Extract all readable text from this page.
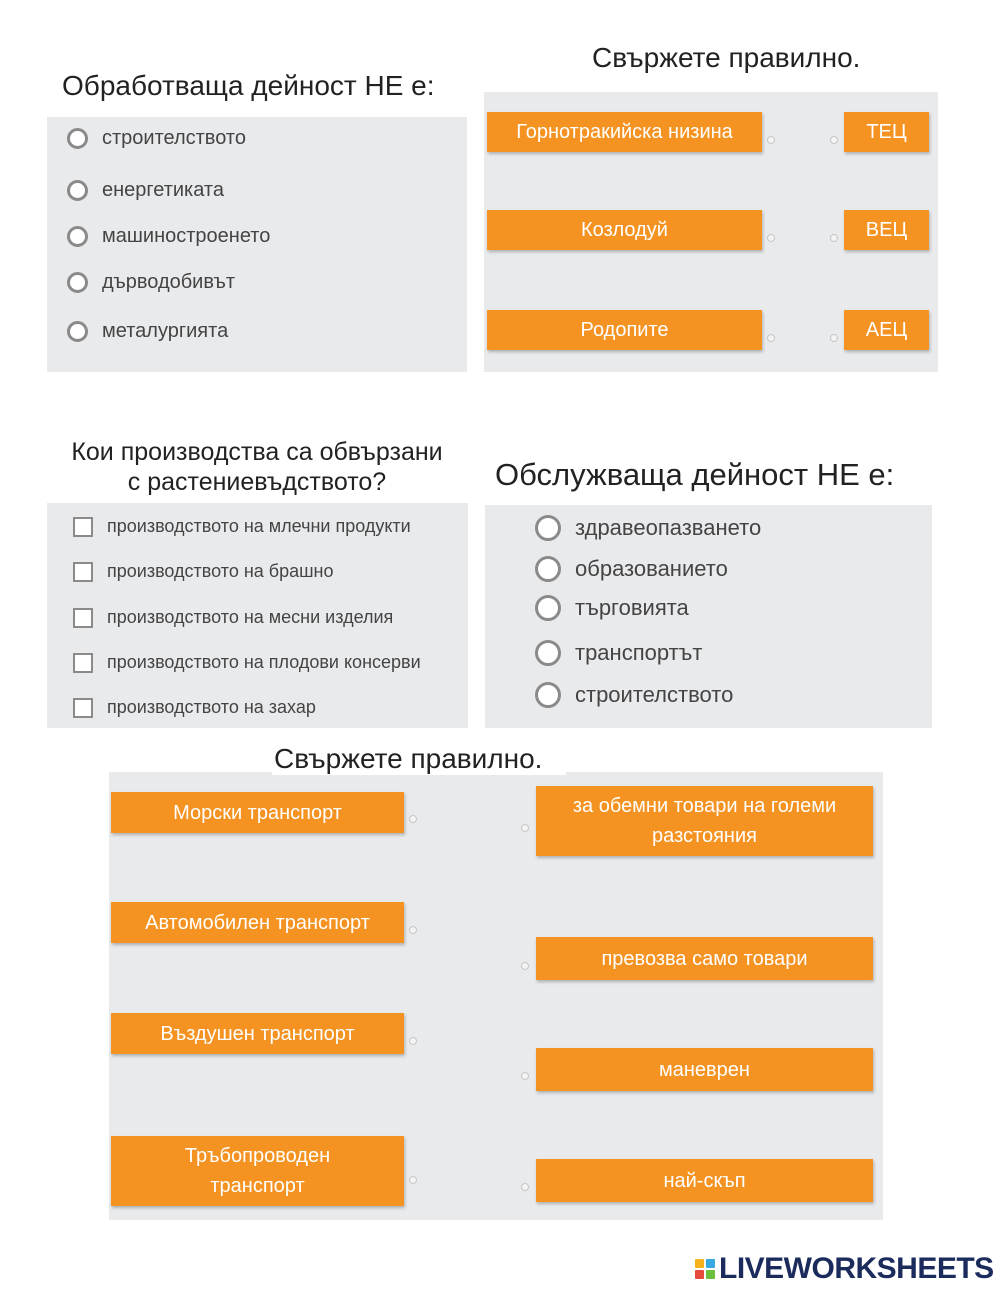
Обработваща дейност НЕ е:
строителството
енергетиката
машиностроенето
дърводобивът
металургията
Свържете правилно.
Горнотракийска низина
Козлодуй
Родопите
ТЕЦ
ВЕЦ
АЕЦ
Кои производства са обвързани
с растениевъдството?
производството на млечни продукти
производството на брашно
производството на месни изделия
производството на плодови консерви
производството на захар
Обслужваща дейност НЕ е:
здравеопазването
образованието
търговията
транспортът
строителството
Морски транспорт
Автомобилен транспорт
Въздушен транспорт
Тръбопроводен транспорт
за обемни товари на големи разстояния
превозва само товари
маневрен
най-скъп
Свържете правилно.
LIVEWORKSHEETS
